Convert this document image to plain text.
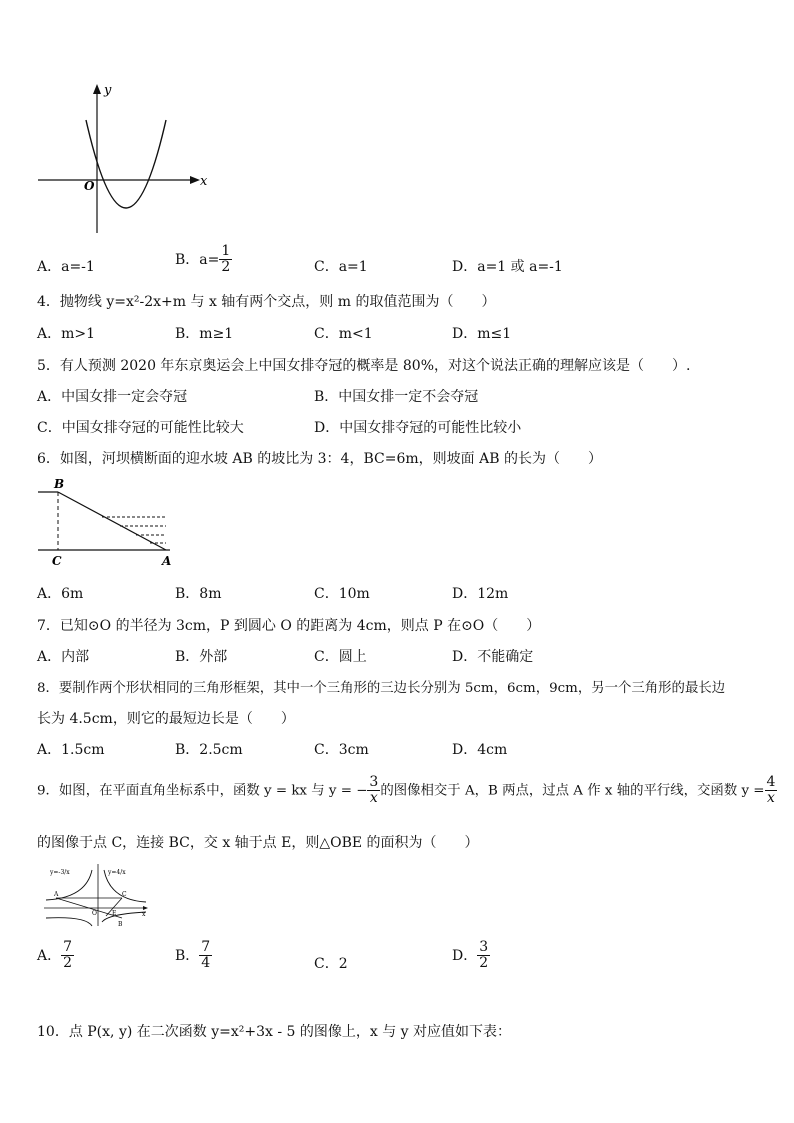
y
x
O
A．a=-1	B．$a= \frac{1}{2}$	C．a=1	D．a=1 或 a=-1
4．抛物线 y=x²-2x+m 与 x 轴有两个交点，则 m 的取值范围为（　　）
A．m>1	B．m≥1	C．m<1	D．m≤1
5．有人预测 2020 年东京奥运会上中国女排夺冠的概率是 80%，对这个说法正确的理解应该是（　　）.
A．中国女排一定会夺冠	B．中国女排一定不会夺冠
C．中国女排夺冠的可能性比较大	D．中国女排夺冠的可能性比较小
6．如图，河坝横断面的迎水坡 AB 的坡比为 3：4，BC=6m，则坡面 AB 的长为（　　）
B
C	A
A．6m	B．8m	C．10m	D．12m
7．已知⊙O 的半径为 3cm，P 到圆心 O 的距离为 4cm，则点 P 在⊙O（　　）
A．内部	B．外部	C．圆上	D．不能确定
8．要制作两个形状相同的三角形框架，其中一个三角形的三边长分别为 5cm，6cm，9cm，另一个三角形的最长边
长为 4.5cm，则它的最短边长是（　　）
A．1.5cm	B．2.5cm	C．3cm	D．4cm
9．如图，在平面直角坐标系中，函数 y = kx 与 y = − $\frac{3}{x}$ 的图像相交于 A，B 两点，过点 A 作 x 轴的平行线，交函数 $y = \frac{4}{x}$
的图像于点 C，连接 BC，交 x 轴于点 E，则△OBE 的面积为（　　）
y=-3/x	y=4/x
A	C
O	E
B
x
A． $\frac{7}{2}$	B． $\frac{7}{4}$	C．2
D． $\frac{3}{2}$
10．点 P(x, y) 在二次函数 y=x²+3x - 5 的图像上，x 与 y 对应值如下表：
